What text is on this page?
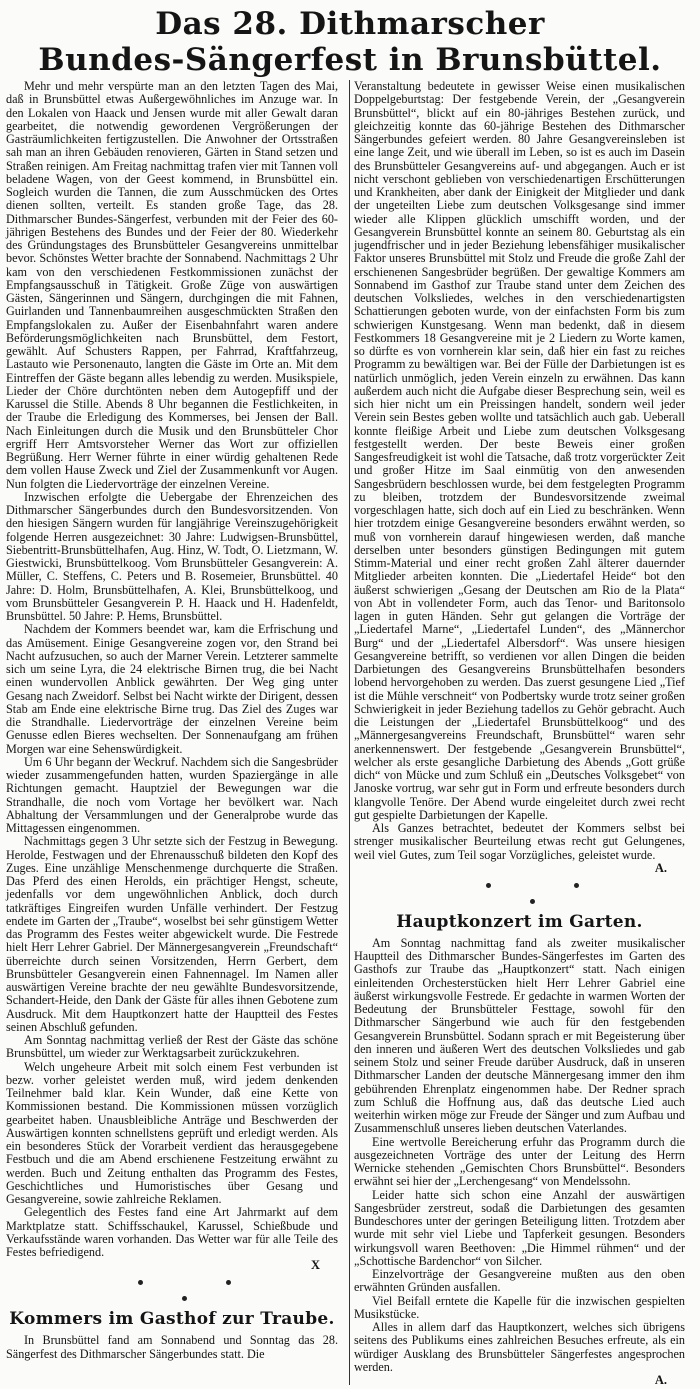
Das 28. Dithmarscher
Bundes-Sängerfest in Brunsbüttel.

Mehr und mehr verspürte man an den letzten Tagen des Mai, daß in Brunsbüttel etwas Außergewöhnliches im Anzuge war. In den Lokalen von Haack und Jensen wurde mit aller Gewalt daran gearbeitet, die notwendig gewordenen Vergrößerungen der Gasträumlichkeiten fertigzustellen. Die Anwohner der Ortsstraßen sah man an ihren Gebäuden renovieren, Gärten in Stand setzen und Straßen reinigen. Am Freitag nachmittag trafen vier mit Tannen voll beladene Wagen, von der Geest kommend, in Brunsbüttel ein. Sogleich wurden die Tannen, die zum Ausschmücken des Ortes dienen sollten, verteilt. Es standen große Tage, das 28. Dithmarscher Bundes-Sängerfest, verbunden mit der Feier des 60-jährigen Bestehens des Bundes und der Feier der 80. Wiederkehr des Gründungstages des Brunsbütteler Gesangvereins unmittelbar bevor. Schönstes Wetter brachte der Sonnabend. Nachmittags 2 Uhr kam von den verschiedenen Festkommissionen zunächst der Empfangsausschuß in Tätigkeit. Große Züge von auswärtigen Gästen, Sängerinnen und Sängern, durchgingen die mit Fahnen, Guirlanden und Tannenbaumreihen ausgeschmückten Straßen den Empfangslokalen zu. Außer der Eisenbahnfahrt waren andere Beförderungsmöglichkeiten nach Brunsbüttel, dem Festort, gewählt. Auf Schusters Rappen, per Fahrrad, Kraftfahrzeug, Lastauto wie Personenauto, langten die Gäste im Orte an. Mit dem Eintreffen der Gäste begann alles lebendig zu werden. Musikspiele, Lieder der Chöre durchtönten neben dem Autogepfiff und der Karussel die Stille. Abends 8 Uhr begannen die Festlichkeiten, in der Traube die Erledigung des Kommerses, bei Jensen der Ball. Nach Einleitungen durch die Musik und den Brunsbütteler Chor ergriff Herr Amtsvorsteher Werner das Wort zur offiziellen Begrüßung. Herr Werner führte in einer würdig gehaltenen Rede dem vollen Hause Zweck und Ziel der Zusammenkunft vor Augen. Nun folgten die Liedervorträge der einzelnen Vereine.

Inzwischen erfolgte die Uebergabe der Ehrenzeichen des Dithmarscher Sängerbundes durch den Bundesvorsitzenden. Von den hiesigen Sängern wurden für langjährige Vereinszugehörigkeit folgende Herren ausgezeichnet: 30 Jahre: Ludwigsen-Brunsbüttel, Siebentritt-Brunsbüttelhafen, Aug. Hinz, W. Todt, O. Lietzmann, W. Giestwicki, Brunsbüttelkoog. Vom Brunsbütteler Gesangverein: A. Müller, C. Steffens, C. Peters und B. Rosemeier, Brunsbüttel. 40 Jahre: D. Holm, Brunsbüttelhafen, A. Klei, Brunsbüttelkoog, und vom Brunsbütteler Gesangverein P. H. Haack und H. Hadenfeldt, Brunsbüttel. 50 Jahre: P. Hems, Brunsbüttel.

Nachdem der Kommers beendet war, kam die Erfrischung und das Amüsement. Einige Gesangvereine zogen vor, den Strand bei Nacht aufzusuchen, so auch der Marner Verein. Letzterer sammelte sich um seine Lyra, die 24 elektrische Birnen trug, die bei Nacht einen wundervollen Anblick gewährten. Der Weg ging unter Gesang nach Zweidorf. Selbst bei Nacht wirkte der Dirigent, dessen Stab am Ende eine elektrische Birne trug. Das Ziel des Zuges war die Strandhalle. Liedervorträge der einzelnen Vereine beim Genusse edlen Bieres wechselten. Der Sonnenaufgang am frühen Morgen war eine Sehenswürdigkeit.

Um 6 Uhr begann der Weckruf. Nachdem sich die Sangesbrüder wieder zusammengefunden hatten, wurden Spaziergänge in alle Richtungen gemacht. Hauptziel der Bewegungen war die Strandhalle, die noch vom Vortage her bevölkert war. Nach Abhaltung der Versammlungen und der Generalprobe wurde das Mittagessen eingenommen.

Nachmittags gegen 3 Uhr setzte sich der Festzug in Bewegung. Herolde, Festwagen und der Ehrenausschuß bildeten den Kopf des Zuges. Eine unzählige Menschenmenge durchquerte die Straßen. Das Pferd des einen Herolds, ein prächtiger Hengst, scheute, jedenfalls vor dem ungewöhnlichen Anblick, doch durch tatkräftiges Eingreifen wurden Unfälle verhindert. Der Festzug endete im Garten der „Traube“, woselbst bei sehr günstigem Wetter das Programm des Festes weiter abgewickelt wurde. Die Festrede hielt Herr Lehrer Gabriel. Der Männergesangverein „Freundschaft“ überreichte durch seinen Vorsitzenden, Herrn Gerbert, dem Brunsbütteler Gesangverein einen Fahnennagel. Im Namen aller auswärtigen Vereine brachte der neu gewählte Bundesvorsitzende, Schandert-Heide, den Dank der Gäste für alles ihnen Gebotene zum Ausdruck. Mit dem Hauptkonzert hatte der Hauptteil des Festes seinen Abschluß gefunden.

Am Sonntag nachmittag verließ der Rest der Gäste das schöne Brunsbüttel, um wieder zur Werktagsarbeit zurückzukehren.

Welch ungeheure Arbeit mit solch einem Fest verbunden ist bezw. vorher geleistet werden muß, wird jedem denkenden Teilnehmer bald klar. Kein Wunder, daß eine Kette von Kommissionen bestand. Die Kommissionen müssen vorzüglich gearbeitet haben. Unausbleibliche Anträge und Beschwerden der Auswärtigen konnten schnellstens geprüft und erledigt werden. Als ein besonderes Stück der Vorarbeit verdient das herausgegebene Festbuch und die am Abend erschienene Festzeitung erwähnt zu werden. Buch und Zeitung enthalten das Programm des Festes, Geschichtliches und Humoristisches über Gesang und Gesangvereine, sowie zahlreiche Reklamen.

Gelegentlich des Festes fand eine Art Jahrmarkt auf dem Marktplatze statt. Schiffsschaukel, Karussel, Schießbude und Verkaufsstände waren vorhanden. Das Wetter war für alle Teile des Festes befriedigend.

X
Kommers im Gasthof zur Traube.

In Brunsbüttel fand am Sonnabend und Sonntag das 28. Sängerfest des Dithmarscher Sängerbundes statt. Die

Veranstaltung bedeutete in gewisser Weise einen musikalischen Doppelgeburtstag: Der festgebende Verein, der „Gesangverein Brunsbüttel“, blickt auf ein 80-jähriges Bestehen zurück, und gleichzeitig konnte das 60-jährige Bestehen des Dithmarscher Sängerbundes gefeiert werden. 80 Jahre Gesangvereinsleben ist eine lange Zeit, und wie überall im Leben, so ist es auch im Dasein des Brunsbütteler Gesangvereins auf- und abgegangen. Auch er ist nicht verschont geblieben von verschiedenartigen Erschütterungen und Krankheiten, aber dank der Einigkeit der Mitglieder und dank der ungeteilten Liebe zum deutschen Volksgesange sind immer wieder alle Klippen glücklich umschifft worden, und der Gesangverein Brunsbüttel konnte an seinem 80. Geburtstag als ein jugendfrischer und in jeder Beziehung lebensfähiger musikalischer Faktor unseres Brunsbüttel mit Stolz und Freude die große Zahl der erschienenen Sangesbrüder begrüßen. Der gewaltige Kommers am Sonnabend im Gasthof zur Traube stand unter dem Zeichen des deutschen Volksliedes, welches in den verschiedenartigsten Schattierungen geboten wurde, von der einfachsten Form bis zum schwierigen Kunstgesang. Wenn man bedenkt, daß in diesem Festkommers 18 Gesangvereine mit je 2 Liedern zu Worte kamen, so dürfte es von vornherein klar sein, daß hier ein fast zu reiches Programm zu bewältigen war. Bei der Fülle der Darbietungen ist es natürlich unmöglich, jeden Verein einzeln zu erwähnen. Das kann außerdem auch nicht die Aufgabe dieser Besprechung sein, weil es sich hier nicht um ein Preissingen handelt, sondern weil jeder Verein sein Bestes geben wollte und tatsächlich auch gab. Ueberall konnte fleißige Arbeit und Liebe zum deutschen Volksgesang festgestellt werden. Der beste Beweis einer großen Sangesfreudigkeit ist wohl die Tatsache, daß trotz vorgerückter Zeit und großer Hitze im Saal einmütig von den anwesenden Sangesbrüdern beschlossen wurde, bei dem festgelegten Programm zu bleiben, trotzdem der Bundesvorsitzende zweimal vorgeschlagen hatte, sich doch auf ein Lied zu beschränken. Wenn hier trotzdem einige Gesangvereine besonders erwähnt werden, so muß von vornherein darauf hingewiesen werden, daß manche derselben unter besonders günstigen Bedingungen mit gutem Stimm-Material und einer recht großen Zahl älterer dauernder Mitglieder arbeiten konnten. Die „Liedertafel Heide“ bot den äußerst schwierigen „Gesang der Deutschen am Rio de la Plata“ von Abt in vollendeter Form, auch das Tenor- und Baritonsolo lagen in guten Händen. Sehr gut gelangen die Vorträge der „Liedertafel Marne“, „Liedertafel Lunden“, des „Männerchor Burg“ und der „Liedertafel Albersdorf“. Was unsere hiesigen Gesangvereine betrifft, so verdienen vor allen Dingen die beiden Darbietungen des Gesangvereins Brunsbüttelhafen besonders lobend hervorgehoben zu werden. Das zuerst gesungene Lied „Tief ist die Mühle verschneit“ von Podbertsky wurde trotz seiner großen Schwierigkeit in jeder Beziehung tadellos zu Gehör gebracht. Auch die Leistungen der „Liedertafel Brunsbüttelkoog“ und des „Männergesangvereins Freundschaft, Brunsbüttel“ waren sehr anerkennenswert. Der festgebende „Gesangverein Brunsbüttel“, welcher als erste gesangliche Darbietung des Abends „Gott grüße dich“ von Mücke und zum Schluß ein „Deutsches Volksgebet“ von Janoske vortrug, war sehr gut in Form und erfreute besonders durch klangvolle Tenöre. Der Abend wurde eingeleitet durch zwei recht gut gespielte Darbietungen der Kapelle.

Als Ganzes betrachtet, bedeutet der Kommers selbst bei strenger musikalischer Beurteilung etwas recht gut Gelungenes, weil viel Gutes, zum Teil sogar Vorzügliches, geleistet wurde.

A.
Hauptkonzert im Garten.

Am Sonntag nachmittag fand als zweiter musikalischer Hauptteil des Dithmarscher Bundes-Sängerfestes im Garten des Gasthofs zur Traube das „Hauptkonzert“ statt. Nach einigen einleitenden Orchesterstücken hielt Herr Lehrer Gabriel eine äußerst wirkungsvolle Festrede. Er gedachte in warmen Worten der Bedeutung der Brunsbütteler Festtage, sowohl für den Dithmarscher Sängerbund wie auch für den festgebenden Gesangverein Brunsbüttel. Sodann sprach er mit Begeisterung über den inneren und äußeren Wert des deutschen Volksliedes und gab seinem Stolz und seiner Freude darüber Ausdruck, daß in unseren Dithmarscher Landen der deutsche Männergesang immer den ihm gebührenden Ehrenplatz eingenommen habe. Der Redner sprach zum Schluß die Hoffnung aus, daß das deutsche Lied auch weiterhin wirken möge zur Freude der Sänger und zum Aufbau und Zusammenschluß unseres lieben deutschen Vaterlandes.

Eine wertvolle Bereicherung erfuhr das Programm durch die ausgezeichneten Vorträge des unter der Leitung des Herrn Wernicke stehenden „Gemischten Chors Brunsbüttel“. Besonders erwähnt sei hier der „Lerchengesang“ von Mendelssohn.

Leider hatte sich schon eine Anzahl der auswärtigen Sangesbrüder zerstreut, sodaß die Darbietungen des gesamten Bundeschores unter der geringen Beteiligung litten. Trotzdem aber wurde mit sehr viel Liebe und Tapferkeit gesungen. Besonders wirkungsvoll waren Beethoven: „Die Himmel rühmen“ und der „Schottische Bardenchor“ von Silcher.

Einzelvorträge der Gesangvereine mußten aus den oben erwähnten Gründen ausfallen.

Viel Beifall erntete die Kapelle für die inzwischen gespielten Musikstücke.

Alles in allem darf das Hauptkonzert, welches sich übrigens seitens des Publikums eines zahlreichen Besuches erfreute, als ein würdiger Ausklang des Brunsbütteler Sängerfestes angesprochen werden.

A.
